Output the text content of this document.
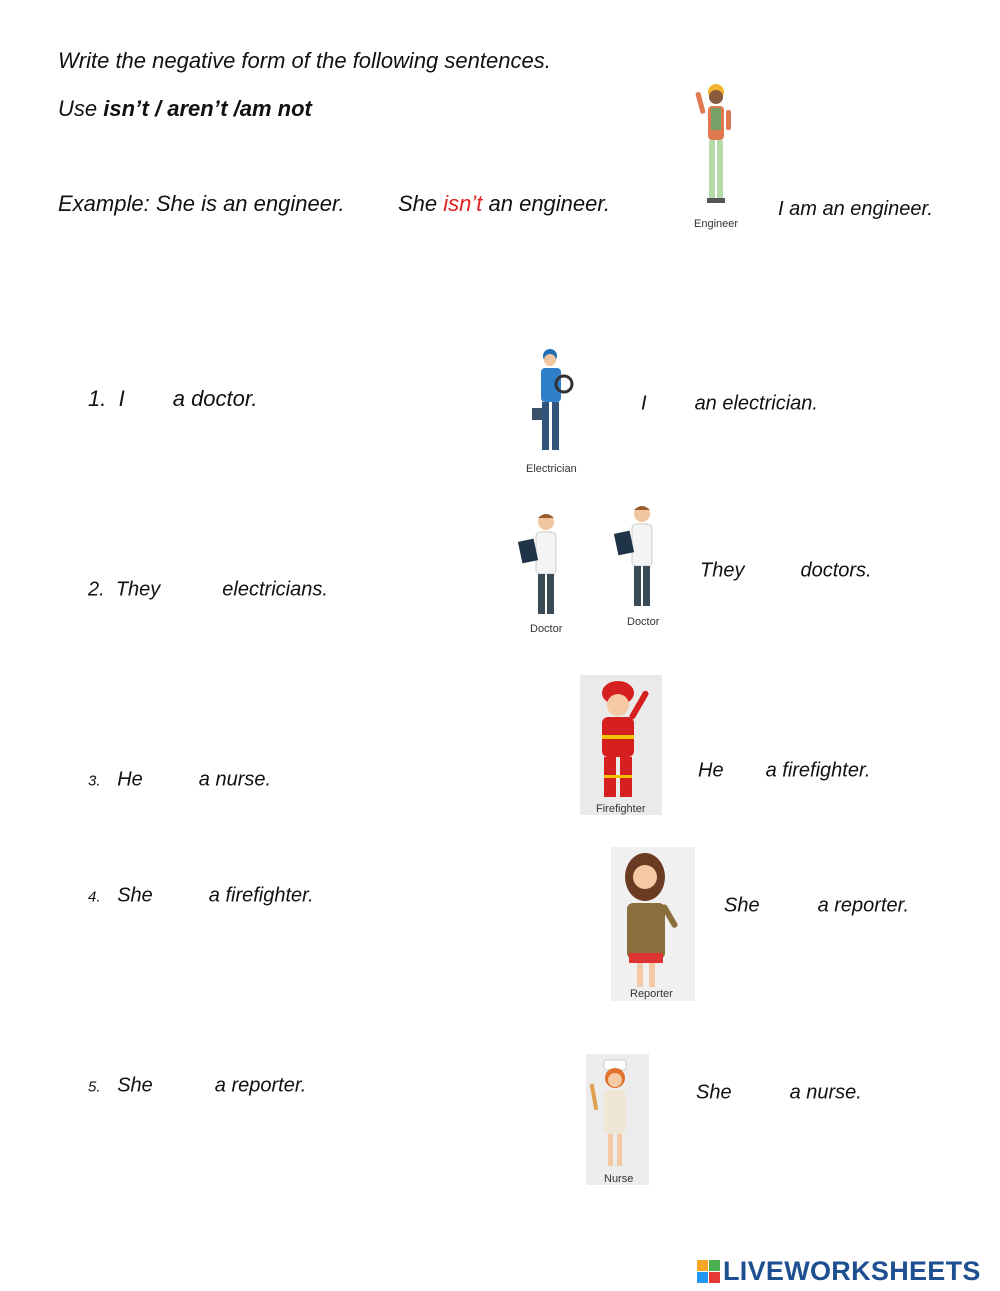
Write the negative form of the following sentences.
Use isn’t / aren’t /am not
Example: She is an engineer. She isn’t an engineer.
Engineer
I am an engineer.
1. I a doctor.
Electrician
I an electrician.
2. They	electricians.
Doctor
Doctor
They	doctors.
3. He	a nurse.
Firefighter
He a firefighter.
4. She	a firefighter.
Reporter
She	a reporter.
5. She	a reporter.
Nurse
She	a nurse.
LIVEWORKSHEETS
